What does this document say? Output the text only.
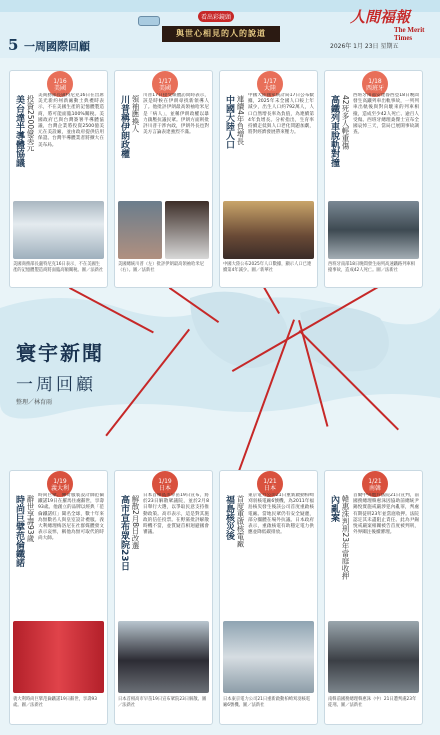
看出彩鏡頭
與世心相見的人的說道
5 一周國際回顧
人間福報
The Merit Times
2026年 1月 23日 星期五
寰宇新聞
一周回顧
整理／林育雨
1/16
美國
美台達半導體協議 投資2500億美元 美商務部長盧特尼克16日在出席美光新約州新廠動土典禮時表示，不在美國生產的記憶體製造商，將可能面臨100%關稅。美國政府已與台灣簽署半導體協議，台灣企業將投資2500億美元在美設廠，並由政府提供信用保證。台灣半導體業者將擴大在美布局。
美國商務部長盧特尼克16日表示，不在美國生產的記憶體製造商將面臨高額關稅。圖／法新社
1/17
美國
川普稱伊朗政權 領袖應換人 川普17日接受媒體訪問時表示，該是時候在伊朗尋找新領導人了。他批評伊朗最高領袖哈米尼是「病人」，並稱伊朗政權以暴力鎮壓抗議民眾。伊朗方面則批評川普干涉內政，伊朗外長也對美方言論表達強烈不滿。
美國總統川普（左）批評伊朗最高領袖哈米尼（右）。圖／法新社
1/17
大陸
中國大陸人口 連續4年負增長 中國大陸國家統計局17日公布數據，2025年末全國人口較上年減少，出生人口約792萬人，人口自然增長率為負值，為連續第4年負增長。分析指出，生育率持續走低與人口老化問題加劇，將對經濟發展帶來壓力。
中國大陸公布2025年人口數據，顯示人口已連續第4年減少。圖／新華社
1/18
西班牙
高鐵列車脫軌對撞 42死多人輕重傷 西班牙南部安達魯西亞18日晚間發生高鐵列車出軌事故，一列列車出軌後與對向駛來的列車相撞，造成至少42人死亡、逾百人受傷。西班牙總理桑傑士宣布全國哀悼三天，當局已展開事故調查。
西班牙南部18日晚間發生兩列高速鐵路列車相撞事故，造成42人死亡。圖／法新社
1/19
義大利
時尚巨擘范倫鐵諾 辭世享壽93歲 時尚巨擘、傳奇服裝設計師范倫鐵諾19日在羅馬住處辭世，享壽93歲。他創立的品牌以經典「范倫鐵諾紅」聞名全球，數十年來為無數名人與皇室設計禮服。義大利總理梅洛尼在社群媒體發文表示哀悼，稱他為無可取代的時尚大師。
義大利時尚巨擘范倫鐵諾19日辭世，享壽93歲。圖／法新社
1/19
日本
高市宣布眾院23日 解散2月8日改選 日本首相高市早苗19日宣布，將於23日解散眾議院，並於2月8日舉行大選，以爭取民意支持推動政策。高市表示，這是對其施政的信任投票。在野黨批評解散時機不當，並質疑首相迴避國會審議。
日本首相高市早苗19日宣布眾院23日解散。圖／法新社
1/21
日本
福島核災後 首度重啟核電廠 東京電力公司21日重新啟動柏崎刈羽核電廠6號機，為2011年福島核災發生後該公司首度重啟核電廠。當地民眾仍有安全疑慮，部分團體在場外抗議。日本政府表示，重啟核電有助穩定電力供應並降低碳排放。
日本東京電力公司21日重新啟動柏崎刈羽核電廠6號機。圖／法新社
1/21
南韓
內亂案 韓惠洙判刑23年當庭收押 首爾中央地方法院21日宣判，前國務總理韓惠洙因協助前總統尹錫悅實施戒嚴涉犯內亂罪，判處有期徒刑23年並當庭收押。法院認定其未盡阻止責任。此為尹錫悅戒嚴案相關被告首度被判刑，外界關注後續審理。
南韓前國務總理韓惠洙（中）21日遭判處23年徒刑。圖／法新社
